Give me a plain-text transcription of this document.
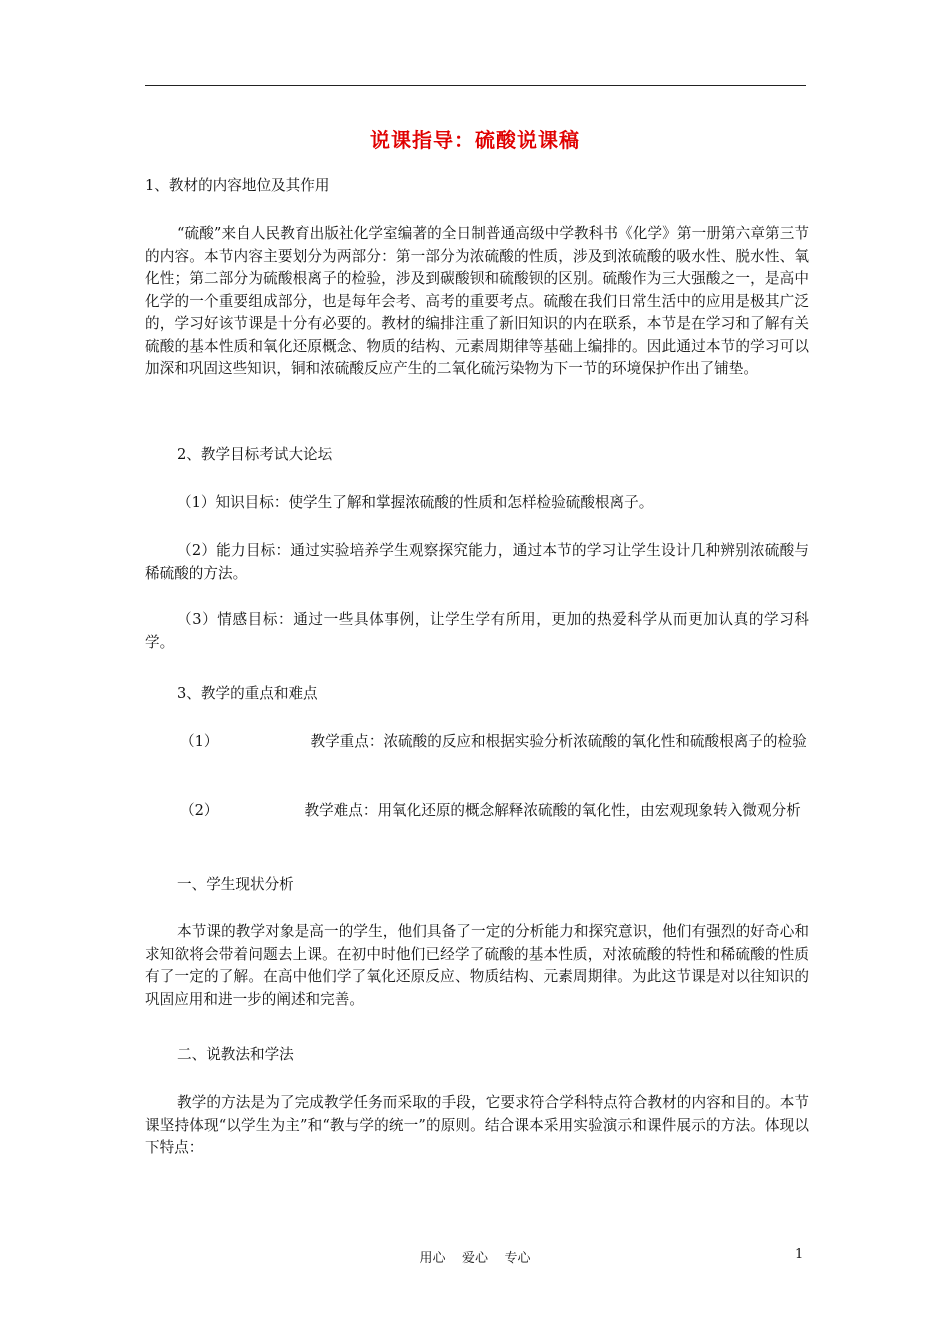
说课指导：硫酸说课稿

1、教材的内容地位及其作用

“硫酸”来自人民教育出版社化学室编著的全日制普通高级中学教科书《化学》第一册第六章第三节的内容。本节内容主要划分为两部分：第一部分为浓硫酸的性质，涉及到浓硫酸的吸水性、脱水性、氧化性；第二部分为硫酸根离子的检验，涉及到碳酸钡和硫酸钡的区别。硫酸作为三大强酸之一，是高中化学的一个重要组成部分，也是每年会考、高考的重要考点。硫酸在我们日常生活中的应用是极其广泛的，学习好该节课是十分有必要的。教材的编排注重了新旧知识的内在联系，本节是在学习和了解有关硫酸的基本性质和氧化还原概念、物质的结构、元素周期律等基础上编排的。因此通过本节的学习可以加深和巩固这些知识，铜和浓硫酸反应产生的二氧化硫污染物为下一节的环境保护作出了铺垫。

2、教学目标考试大论坛

（1）知识目标：使学生了解和掌握浓硫酸的性质和怎样检验硫酸根离子。

（2）能力目标：通过实验培养学生观察探究能力，通过本节的学习让学生设计几种辨别浓硫酸与稀硫酸的方法。

（3）情感目标：通过一些具体事例，让学生学有所用，更加的热爱科学从而更加认真的学习科学。

3、教学的重点和难点

（1）	教学重点：浓硫酸的反应和根据实验分析浓硫酸的氧化性和硫酸根离子的检验

（2）	教学难点：用氧化还原的概念解释浓硫酸的氧化性，由宏观现象转入微观分析

一、学生现状分析

本节课的教学对象是高一的学生，他们具备了一定的分析能力和探究意识，他们有强烈的好奇心和求知欲将会带着问题去上课。在初中时他们已经学了硫酸的基本性质，对浓硫酸的特性和稀硫酸的性质有了一定的了解。在高中他们学了氧化还原反应、物质结构、元素周期律。为此这节课是对以往知识的巩固应用和进一步的阐述和完善。

二、说教法和学法

教学的方法是为了完成教学任务而采取的手段，它要求符合学科特点符合教材的内容和目的。本节课坚持体现“以学生为主”和“教与学的统一”的原则。结合课本采用实验演示和课件展示的方法。体现以下特点：

用心    爱心    专心	1
